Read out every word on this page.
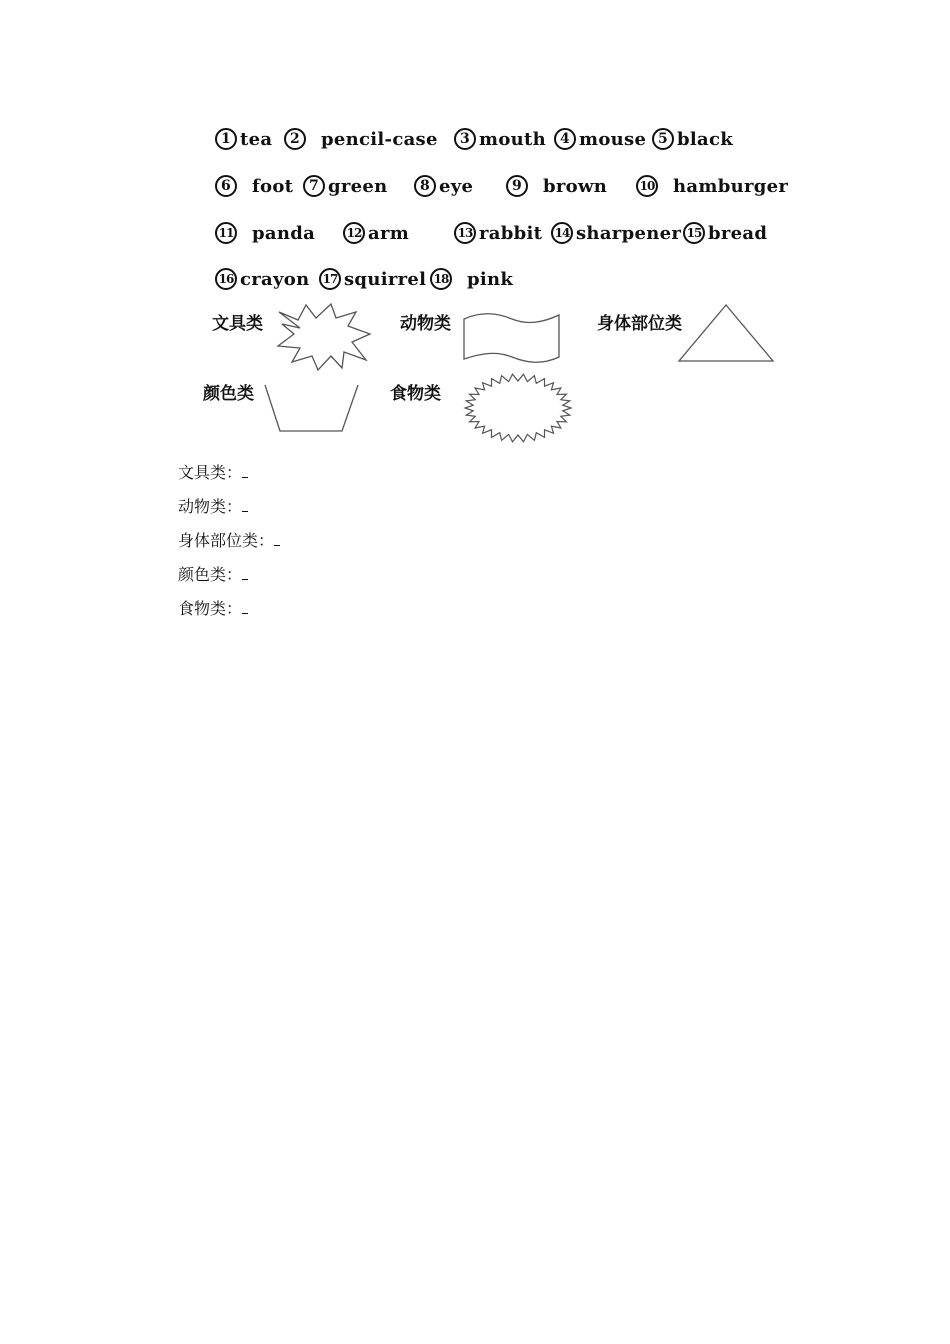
1 tea	2	pencil-case	3 mouth 4 mouse 5 black
6	foot	7 green	8 eye	9	brown	10 hamburger
11 panda	12 arm	13 rabbit	14 sharpener 15 bread
16 crayon	17 squirrel 18 pink
文具类	动物类	身体部位类
颜色类	食物类
文具类：
动物类：
身体部位类：
颜色类：
食物类：
